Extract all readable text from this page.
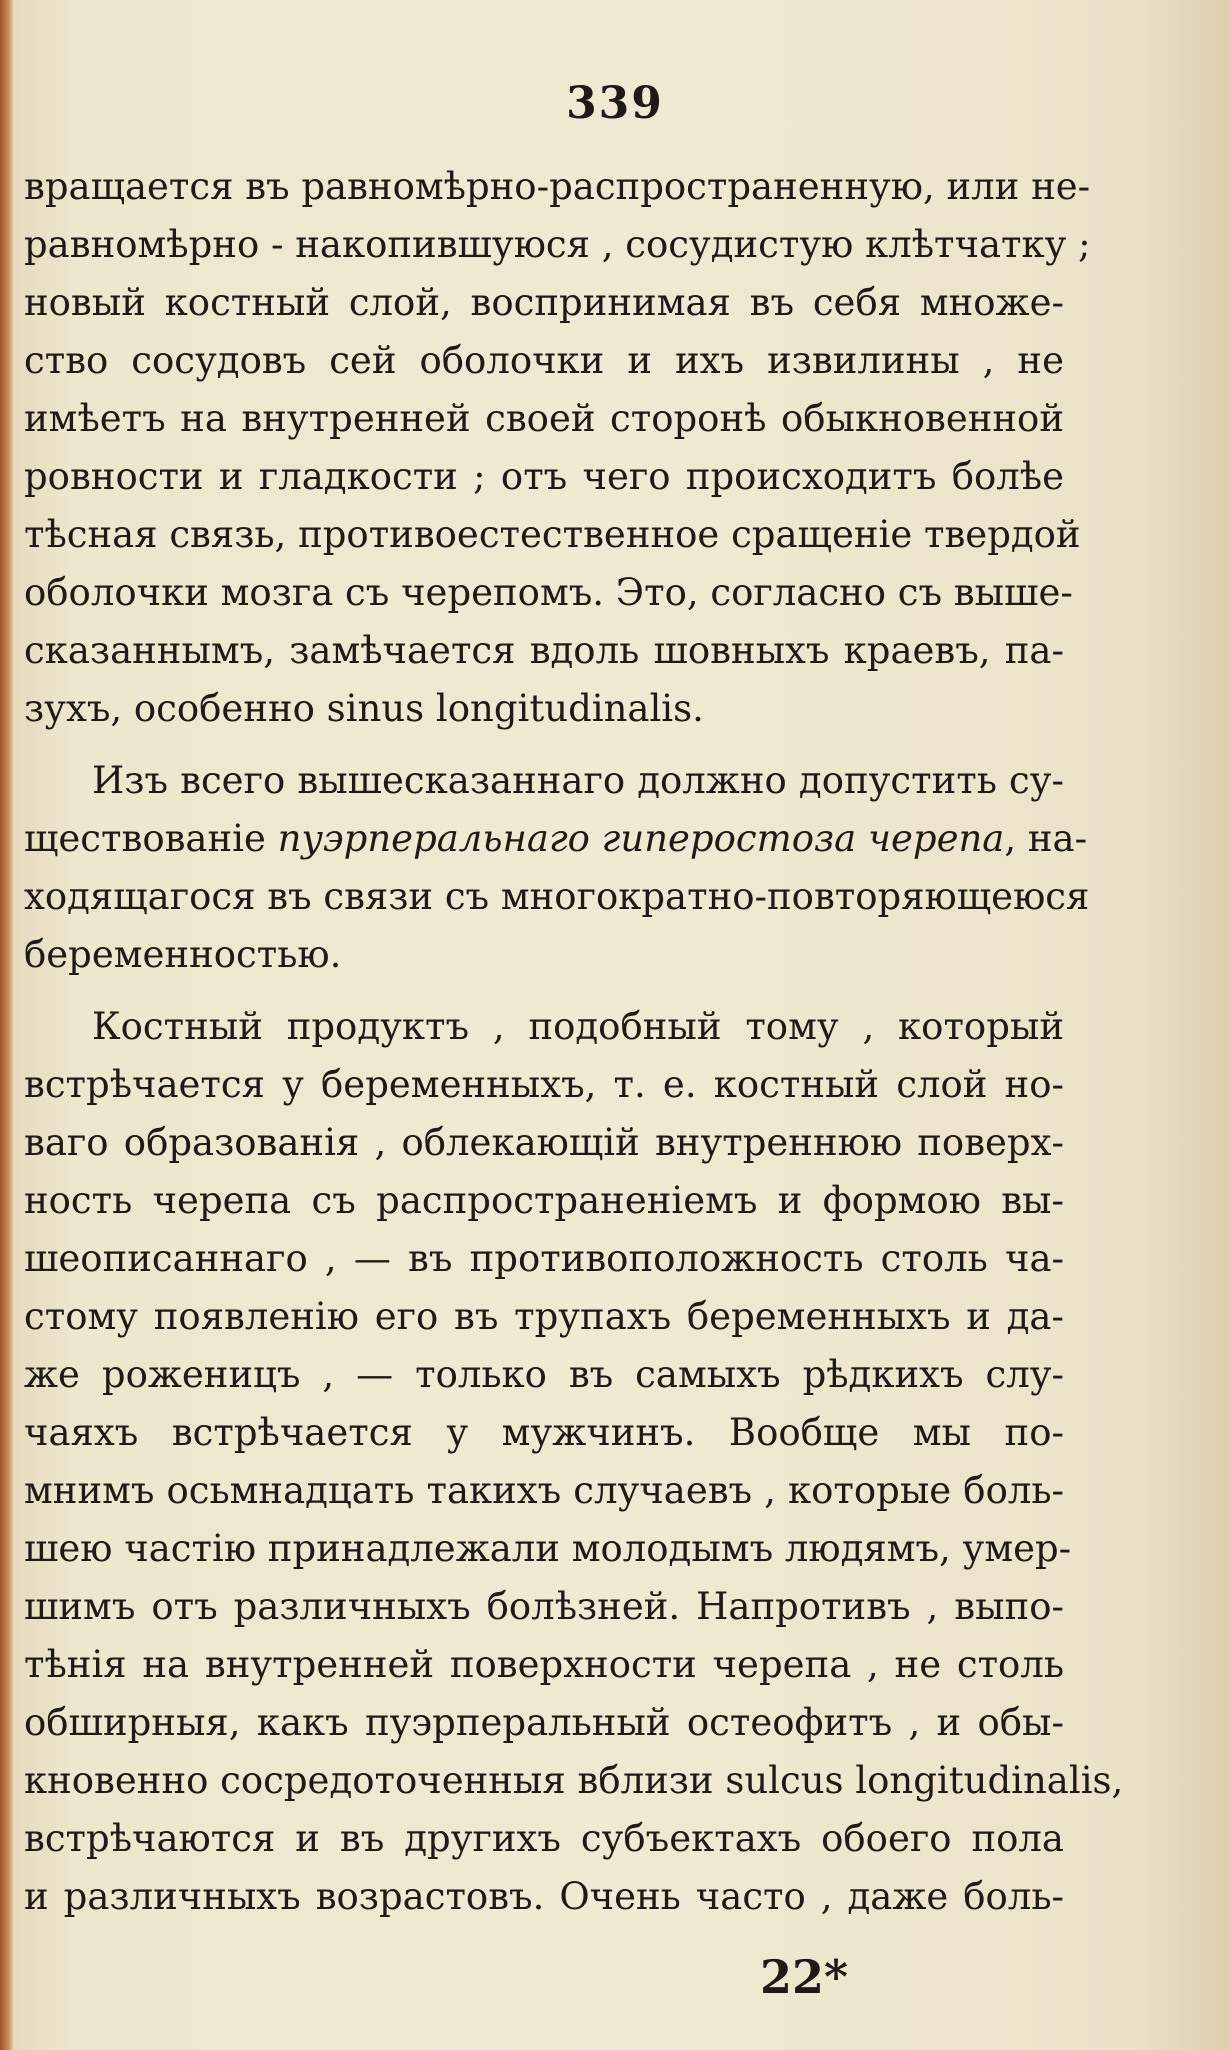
339
вращается въ равномѣрно-распространенную, или не-
равномѣрно - накопившуюся , сосудистую клѣтчатку ;
новый костный слой, воспринимая въ себя множе-
ство сосудовъ сей оболочки и ихъ извилины , не
имѣетъ на внутренней своей сторонѣ обыкновенной
ровности и гладкости ; отъ чего происходитъ болѣе
тѣсная связь, противоестественное сращеніе твердой
оболочки мозга съ черепомъ. Это, согласно съ выше-
сказаннымъ, замѣчается вдоль шовныхъ краевъ, па-
зухъ, особенно sinus longitudinalis.
Изъ всего вышесказаннаго должно допустить су-
ществованіе пуэрперальнаго гиперостоза черепа, на-
ходящагося въ связи съ многократно-повторяющеюся
беременностью.
Костный продуктъ , подобный тому , который
встрѣчается у беременныхъ, т. е. костный слой но-
ваго образованія , облекающій внутреннюю поверх-
ность черепа съ распространеніемъ и формою вы-
шеописаннаго , — въ противоположность столь ча-
стому появленію его въ трупахъ беременныхъ и да-
же роженицъ , — только въ самыхъ рѣдкихъ слу-
чаяхъ встрѣчается у мужчинъ. Вообще мы по-
мнимъ осьмнадцать такихъ случаевъ , которые боль-
шею частію принадлежали молодымъ людямъ, умер-
шимъ отъ различныхъ болѣзней. Напротивъ , выпо-
тѣнія на внутренней поверхности черепа , не столь
обширныя, какъ пуэрперальный остеофитъ , и обы-
кновенно сосредоточенныя вблизи sulcus longitudinalis,
встрѣчаются и въ другихъ субъектахъ обоего пола
и различныхъ возрастовъ. Очень часто , даже боль-
22*
